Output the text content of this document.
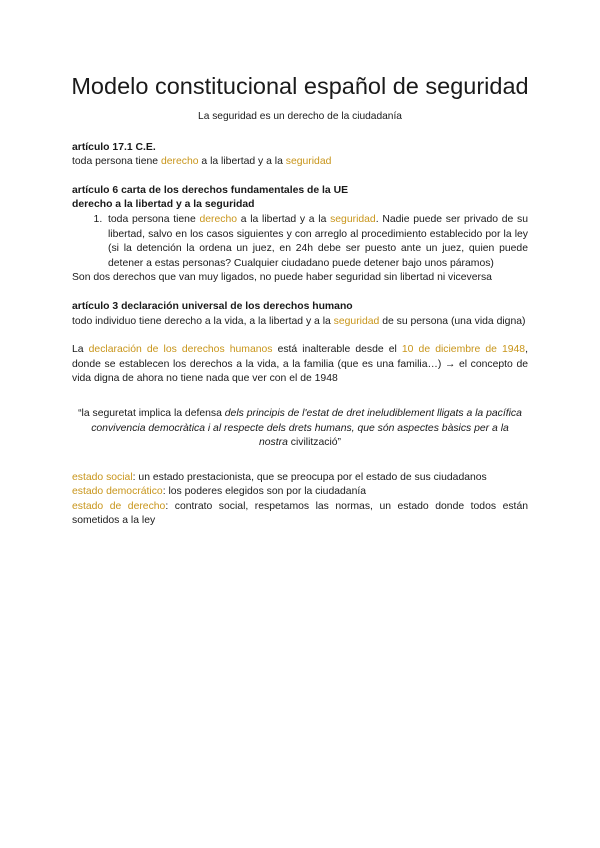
Modelo constitucional español de seguridad
La seguridad es un derecho de la ciudadanía
artículo 17.1 C.E.
toda persona tiene derecho a la libertad y a la seguridad
artículo 6 carta de los derechos fundamentales de la UE
derecho a la libertad y a la seguridad
1. toda persona tiene derecho a la libertad y a la seguridad. Nadie puede ser privado de su libertad, salvo en los casos siguientes y con arreglo al procedimiento establecido por la ley (si la detención la ordena un juez, en 24h debe ser puesto ante un juez, quien puede detener a estas personas? Cualquier ciudadano puede detener bajo unos páramos)
Son dos derechos que van muy ligados, no puede haber seguridad sin libertad ni viceversa
artículo 3 declaración universal de los derechos humano
todo individuo tiene derecho a la vida, a la libertad y a la seguridad de su persona (una vida digna)
La declaración de los derechos humanos está inalterable desde el 10 de diciembre de 1948, donde se establecen los derechos a la vida, a la familia (que es una familia…) → el concepto de vida digna de ahora no tiene nada que ver con el de 1948
“la seguretat implica la defensa dels principis de l'estat de dret ineludiblement lligats a la pacífica convivencia democràtica i al respecte dels drets humans, que són aspectes bàsics per a la nostra civilització”
estado social: un estado prestacionista, que se preocupa por el estado de sus ciudadanos
estado democrático: los poderes elegidos son por la ciudadanía
estado de derecho: contrato social, respetamos las normas, un estado donde todos están sometidos a la ley
